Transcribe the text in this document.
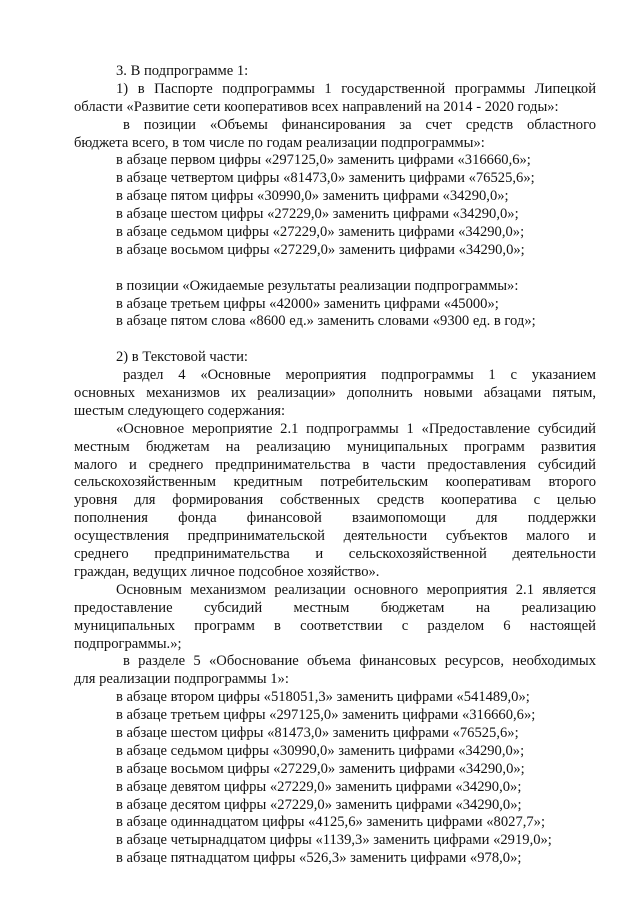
3. В подпрограмме 1:
1) в Паспорте подпрограммы 1 государственной программы Липецкой
области «Развитие сети кооперативов всех направлений на 2014 - 2020 годы»:
в позиции «Объемы финансирования за счет средств областного
бюджета всего, в том числе по годам реализации подпрограммы»:
в абзаце первом цифры «297125,0» заменить цифрами «316660,6»;
в абзаце четвертом цифры «81473,0» заменить цифрами «76525,6»;
в абзаце пятом цифры «30990,0» заменить цифрами «34290,0»;
в абзаце шестом цифры «27229,0» заменить цифрами «34290,0»;
в абзаце седьмом цифры «27229,0» заменить цифрами «34290,0»;
в абзаце восьмом цифры «27229,0» заменить цифрами «34290,0»;
в позиции «Ожидаемые результаты реализации подпрограммы»:
в абзаце третьем цифры «42000» заменить цифрами «45000»;
в абзаце пятом слова «8600 ед.» заменить словами «9300 ед. в год»;
2) в Текстовой части:
раздел 4 «Основные мероприятия подпрограммы 1 с указанием
основных механизмов их реализации» дополнить новыми абзацами пятым,
шестым следующего содержания:
«Основное мероприятие 2.1 подпрограммы 1 «Предоставление субсидий
местным бюджетам на реализацию муниципальных программ развития
малого и среднего предпринимательства в части предоставления субсидий
сельскохозяйственным кредитным потребительским кооперативам второго
уровня для формирования собственных средств кооператива с целью
пополнения фонда финансовой взаимопомощи для поддержки
осуществления предпринимательской деятельности субъектов малого и
среднего предпринимательства и сельскохозяйственной деятельности
граждан, ведущих личное подсобное хозяйство».
Основным механизмом реализации основного мероприятия 2.1 является
предоставление субсидий местным бюджетам на реализацию
муниципальных программ в соответствии с разделом 6 настоящей
подпрограммы.»;
в разделе 5 «Обоснование объема финансовых ресурсов, необходимых
для реализации подпрограммы 1»:
в абзаце втором цифры «518051,3» заменить цифрами «541489,0»;
в абзаце третьем цифры «297125,0» заменить цифрами «316660,6»;
в абзаце шестом цифры «81473,0» заменить цифрами «76525,6»;
в абзаце седьмом цифры «30990,0» заменить цифрами «34290,0»;
в абзаце восьмом цифры «27229,0» заменить цифрами «34290,0»;
в абзаце девятом цифры «27229,0» заменить цифрами «34290,0»;
в абзаце десятом цифры «27229,0» заменить цифрами «34290,0»;
в абзаце одиннадцатом цифры «4125,6» заменить цифрами «8027,7»;
в абзаце четырнадцатом цифры «1139,3» заменить цифрами «2919,0»;
в абзаце пятнадцатом цифры «526,3» заменить цифрами «978,0»;
